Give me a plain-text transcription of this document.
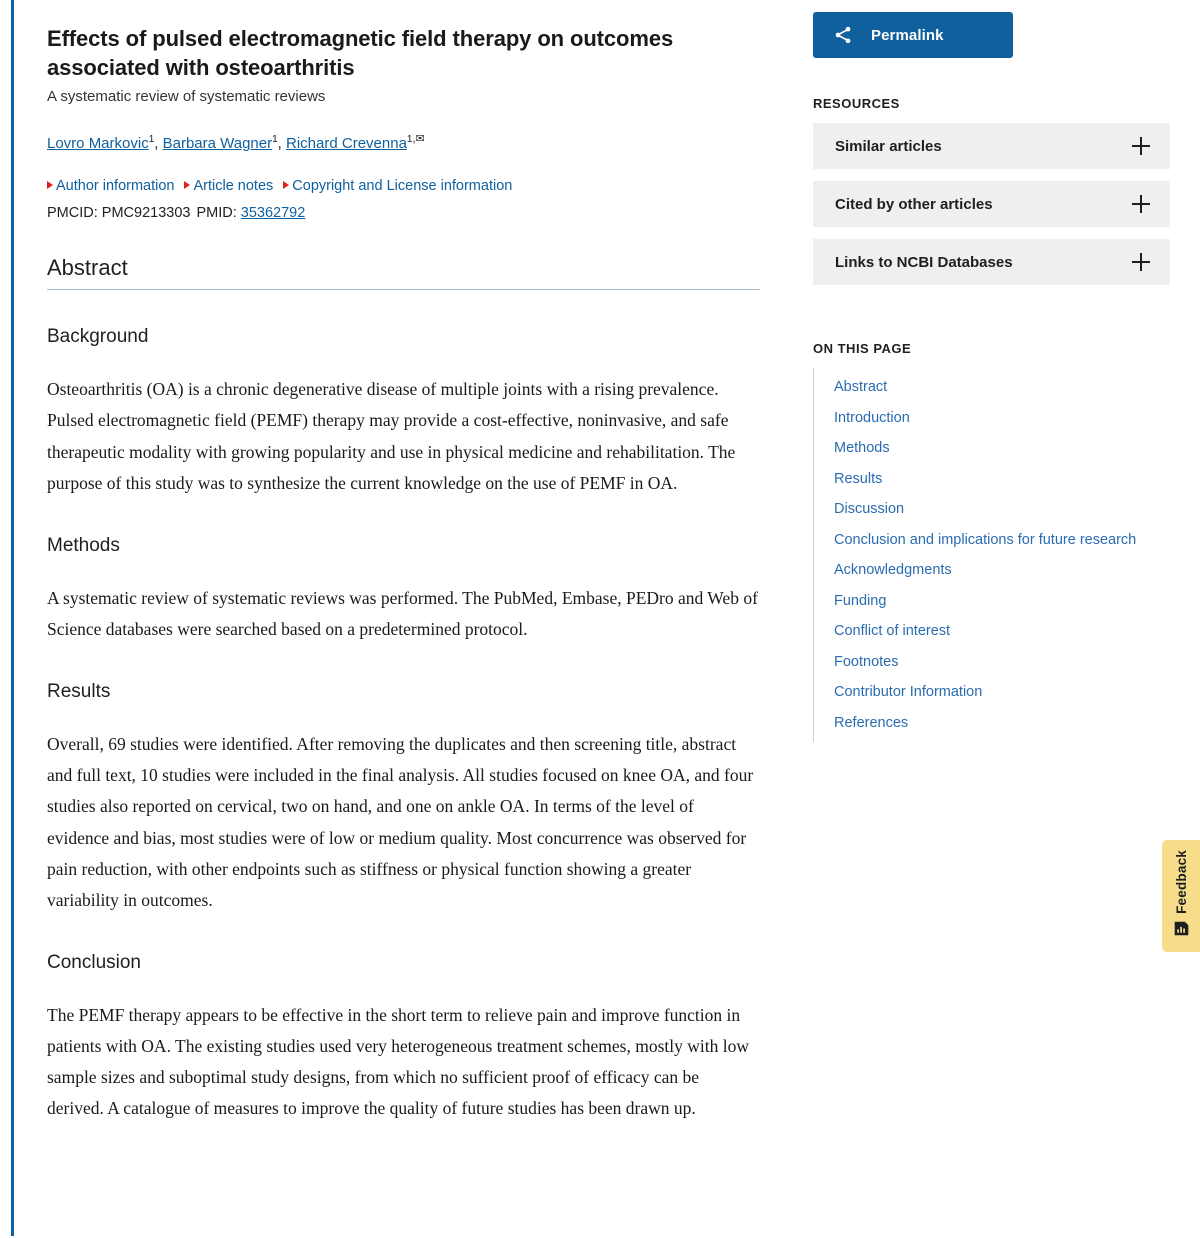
Effects of pulsed electromagnetic field therapy on outcomes associated with osteoarthritis
A systematic review of systematic reviews
Lovro Markovic$^1$, Barbara Wagner$^1$, Richard Crevenna$^{1,✉}$
Author information Article notes Copyright and License information
PMCID: PMC9213303 PMID: 35362792
Abstract
Background

Osteoarthritis (OA) is a chronic degenerative disease of multiple joints with a rising prevalence. Pulsed electromagnetic field (PEMF) therapy may provide a cost-effective, noninvasive, and safe therapeutic modality with growing popularity and use in physical medicine and rehabilitation. The purpose of this study was to synthesize the current knowledge on the use of PEMF in OA.

Methods

A systematic review of systematic reviews was performed. The PubMed, Embase, PEDro and Web of Science databases were searched based on a predetermined protocol.

Results

Overall, 69 studies were identified. After removing the duplicates and then screening title, abstract and full text, 10 studies were included in the final analysis. All studies focused on knee OA, and four studies also reported on cervical, two on hand, and one on ankle OA. In terms of the level of evidence and bias, most studies were of low or medium quality. Most concurrence was observed for pain reduction, with other endpoints such as stiffness or physical function showing a greater variability in outcomes.

Conclusion

The PEMF therapy appears to be effective in the short term to relieve pain and improve function in patients with OA. The existing studies used very heterogeneous treatment schemes, mostly with low sample sizes and suboptimal study designs, from which no sufficient proof of efficacy can be derived. A catalogue of measures to improve the quality of future studies has been drawn up.

Permalink
RESOURCES
Similar articles
Cited by other articles
Links to NCBI Databases
ON THIS PAGE
Abstract
Introduction
Methods
Results
Discussion
Conclusion and implications for future research
Acknowledgments
Funding
Conflict of interest
Footnotes
Contributor Information
References
Feedback
